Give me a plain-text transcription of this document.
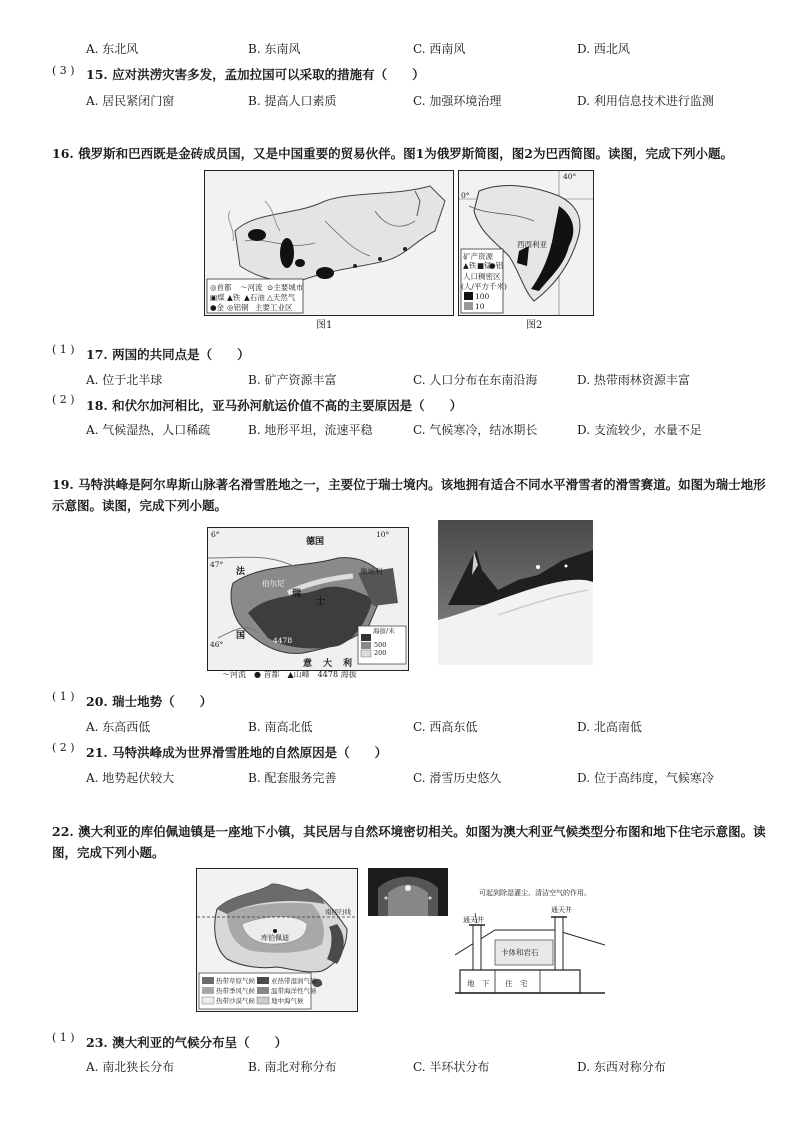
A. 东北风	B. 东南风	C. 西南风	D. 西北风
( 3 ) 15. 应对洪涝灾害多发，孟加拉国可以采取的措施有（　　）
A. 居民紧闭门窗	B. 提高人口素质	C. 加强环境治理	D. 利用信息技术进行监测
16. 俄罗斯和巴西既是金砖成员国，又是中国重要的贸易伙伴。图1为俄罗斯简图，图2为巴西简图。读图，完成下列小题。
◎首都 ～河流 ⊙主要城市
▣煤 ▲铁 ▲石油 △天然气
●金 ◎铝铜 主要工业区
图1
40°
0°
西西利亚
矿产资源
▲铁 ■锰
●铝
人口稠密区
(人/平方千米)
100
10
图2
( 1 ) 17. 两国的共同点是（　　）
A. 位于北半球	B. 矿产资源丰富	C. 人口分布在东南沿海	D. 热带雨林资源丰富
( 2 ) 18. 和伏尔加河相比，亚马孙河航运价值不高的主要原因是（　　）
A. 气候湿热，人口稀疏	B. 地形平坦，流速平稳	C. 气候寒冷，结冰期长	D. 支流较少，水量不足
19. 马特洪峰是阿尔卑斯山脉著名滑雪胜地之一，主要位于瑞士境内。该地拥有适合不同水平滑雪者的滑雪赛道。如图为瑞士地形
示意图。读图，完成下列小题。
6°	10°
47°
46°
德国
法
国
伯尔尼
瑞
士
奥地利
4478
意 大 利
海拔/米
500
200
～河流　● 首都　▲山峰　4478 海拔
( 1 ) 20. 瑞士地势（　　）
A. 东高西低	B. 南高北低	C. 西高东低	D. 北高南低
( 2 ) 21. 马特洪峰成为世界滑雪胜地的自然原因是（　　）
A. 地势起伏较大	B. 配套服务完善	C. 滑雪历史悠久	D. 位于高纬度，气候寒冷
22. 澳大利亚的库伯佩迪镇是一座地下小镇，其民居与自然环境密切相关。如图为澳大利亚气候类型分布图和地下住宅示意图。读
图，完成下列小题。
库伯佩迪
南回归线
热带草原气候 亚热带湿润气候
热带季风气候 温带海洋性气候
热带沙漠气候 地中海气候
可起到除湿灌尘、清洁空气的作用。
通天井
通天井
卡体和岩石
地　下 住　宅
( 1 ) 23. 澳大利亚的气候分布呈（　　）
A. 南北狭长分布	B. 南北对称分布	C. 半环状分布	D. 东西对称分布
